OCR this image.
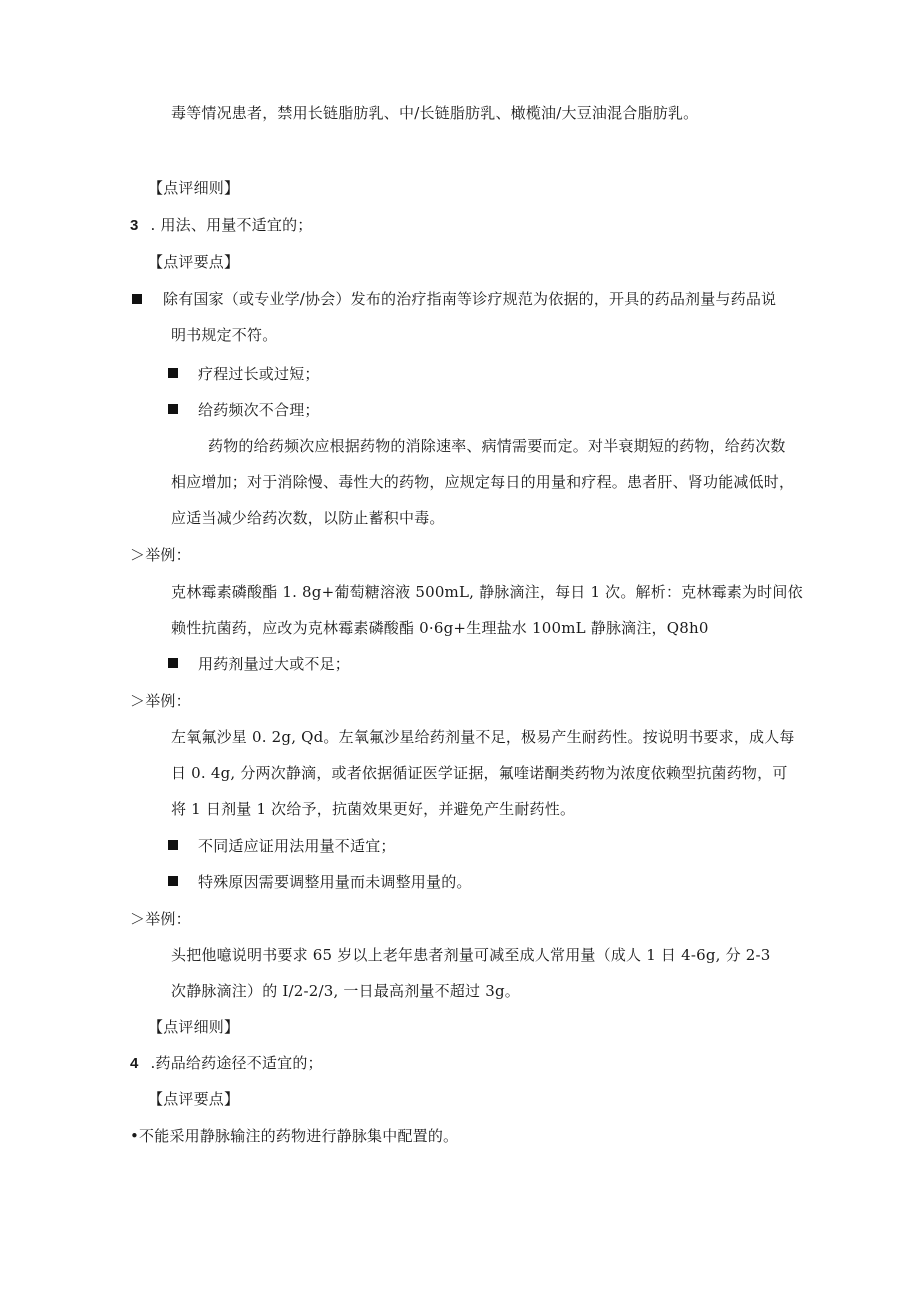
毒等情况患者，禁用长链脂肪乳、中/长链脂肪乳、橄榄油/大豆油混合脂肪乳。
【点评细则】
3 . 用法、用量不适宜的；
【点评要点】
除有国家（或专业学/协会）发布的治疗指南等诊疗规范为依据的，开具的药品剂量与药品说
明书规定不符。
疗程过长或过短；
给药频次不合理；
药物的给药频次应根据药物的消除速率、病情需要而定。对半衰期短的药物，给药次数
相应增加；对于消除慢、毒性大的药物，应规定每日的用量和疗程。患者肝、肾功能减低时，
应适当减少给药次数，以防止蓄积中毒。
＞举例：
克林霉素磷酸酯 1. 8g+葡萄糖溶液 500mL, 静脉滴注，每日 1 次。解析：克林霉素为时间依
赖性抗菌药，应改为克林霉素磷酸酯 0·6g+生理盐水 100mL 静脉滴注，Q8h0
用药剂量过大或不足；
＞举例：
左氧氟沙星 0. 2g, Qd。左氧氟沙星给药剂量不足，极易产生耐药性。按说明书要求，成人每
日 0. 4g, 分两次静滴，或者依据循证医学证据，氟喹诺酮类药物为浓度依赖型抗菌药物，可
将 1 日剂量 1 次给予，抗菌效果更好，并避免产生耐药性。
不同适应证用法用量不适宜；
特殊原因需要调整用量而未调整用量的。
＞举例：
头把他噫说明书要求 65 岁以上老年患者剂量可减至成人常用量（成人 1 日 4-6g, 分 2-3
次静脉滴注）的 I/2-2/3, 一日最高剂量不超过 3g。
【点评细则】
4 .药品给药途径不适宜的；
【点评要点】
•不能采用静脉输注的药物进行静脉集中配置的。
